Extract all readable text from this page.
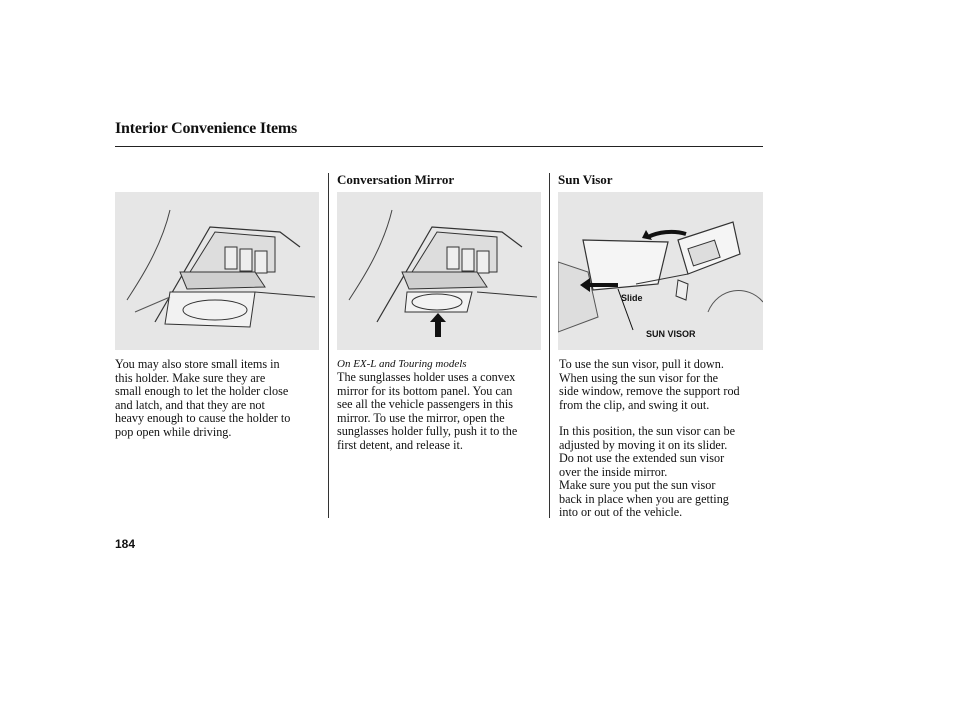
Interior Convenience Items
You may also store small items in
this holder. Make sure they are
small enough to let the holder close
and latch, and that they are not
heavy enough to cause the holder to
pop open while driving.
Conversation Mirror
On EX-L and Touring models
The sunglasses holder uses a convex
mirror for its bottom panel. You can
see all the vehicle passengers in this
mirror. To use the mirror, open the
sunglasses holder fully, push it to the
first detent, and release it.
Sun Visor
Slide
SUN VISOR
To use the sun visor, pull it down.
When using the sun visor for the
side window, remove the support rod
from the clip, and swing it out.
In this position, the sun visor can be
adjusted by moving it on its slider.
Do not use the extended sun visor
over the inside mirror.
Make sure you put the sun visor
back in place when you are getting
into or out of the vehicle.
184
